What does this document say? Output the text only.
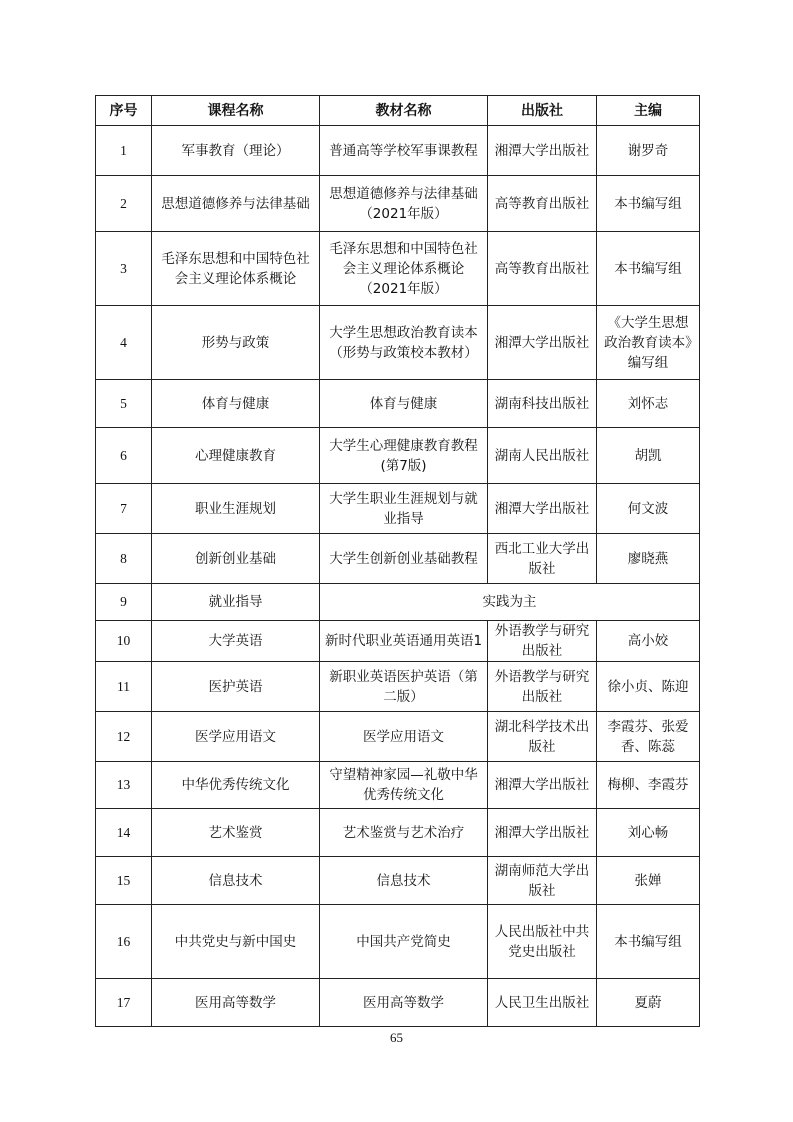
序号	课程名称	教材名称	出版社	主编
1	军事教育（理论）	普通高等学校军事课教程	湘潭大学出版社	谢罗奇
2	思想道德修养与法律基础	思想道德修养与法律基础（2021年版）	高等教育出版社	本书编写组
3	毛泽东思想和中国特色社会主义理论体系概论	毛泽东思想和中国特色社会主义理论体系概论（2021年版）	高等教育出版社	本书编写组
4	形势与政策	大学生思想政治教育读本（形势与政策校本教材）	湘潭大学出版社	《大学生思想政治教育读本》编写组
5	体育与健康	体育与健康	湖南科技出版社	刘怀志
6	心理健康教育	大学生心理健康教育教程(第7版)	湖南人民出版社	胡凯
7	职业生涯规划	大学生职业生涯规划与就业指导	湘潭大学出版社	何文波
8	创新创业基础	大学生创新创业基础教程	西北工业大学出版社	廖晓燕
9	就业指导	实践为主		
10	大学英语	新时代职业英语通用英语1	外语教学与研究出版社	高小姣
11	医护英语	新职业英语医护英语（第二版）	外语教学与研究出版社	徐小贞、陈迎
12	医学应用语文	医学应用语文	湖北科学技术出版社	李霞芬、张爱香、陈蕊
13	中华优秀传统文化	守望精神家园—礼敬中华优秀传统文化	湘潭大学出版社	梅柳、李霞芬
14	艺术鉴赏	艺术鉴赏与艺术治疗	湘潭大学出版社	刘心畅
15	信息技术	信息技术	湖南师范大学出版社	张婵
16	中共党史与新中国史	中国共产党简史	人民出版社中共党史出版社	本书编写组
17	医用高等数学	医用高等数学	人民卫生出版社	夏蔚
65
